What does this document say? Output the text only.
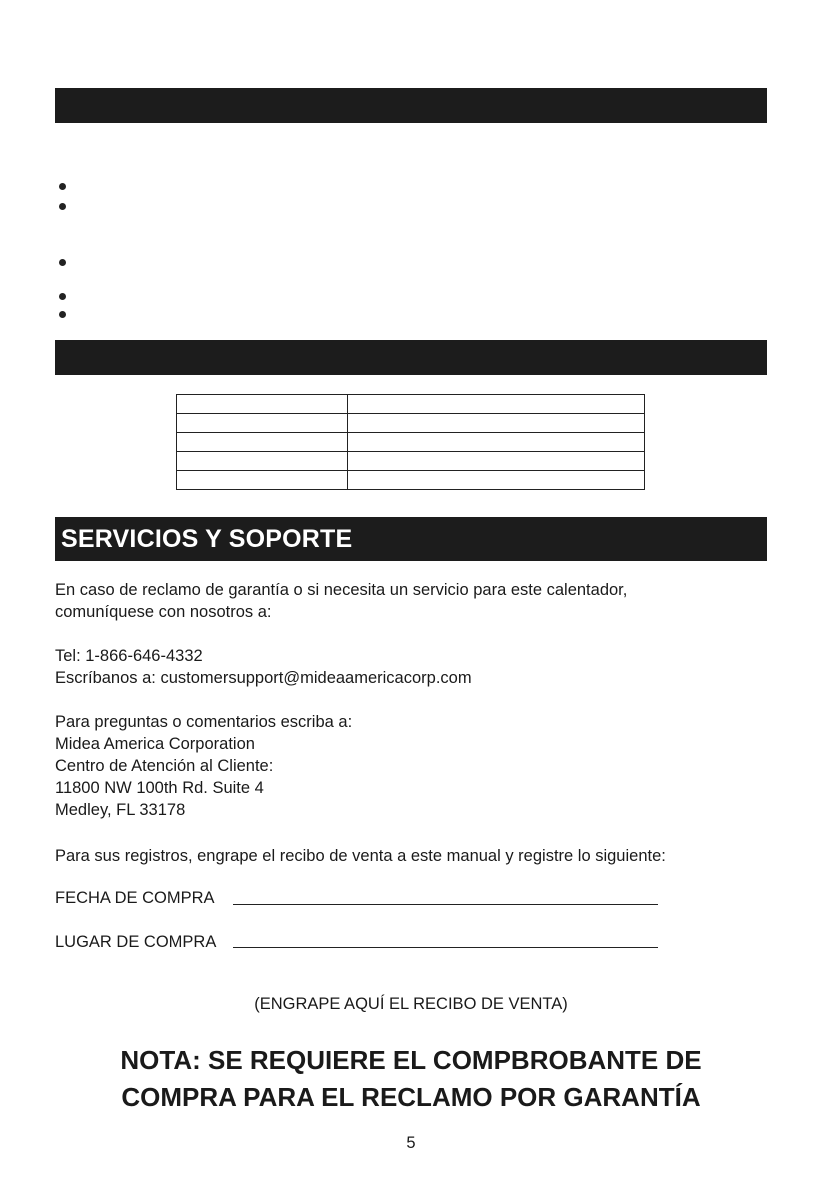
SERVICIOS Y SOPORTE
En caso de reclamo de garantía o si necesita un servicio para este calentador,
comuníquese con nosotros a:
Tel: 1-866-646-4332
Escríbanos a: customersupport@mideaamericacorp.com
Para preguntas o comentarios escriba a:
Midea America Corporation
Centro de Atención al Cliente:
11800 NW 100th Rd. Suite 4
Medley, FL 33178
Para sus registros, engrape el recibo de venta a este manual y registre lo siguiente:
FECHA DE COMPRA
LUGAR DE COMPRA
(ENGRAPE AQUÍ EL RECIBO DE VENTA)
NOTA: SE REQUIERE EL COMPBROBANTE DE
COMPRA PARA EL RECLAMO POR GARANTÍA
5
